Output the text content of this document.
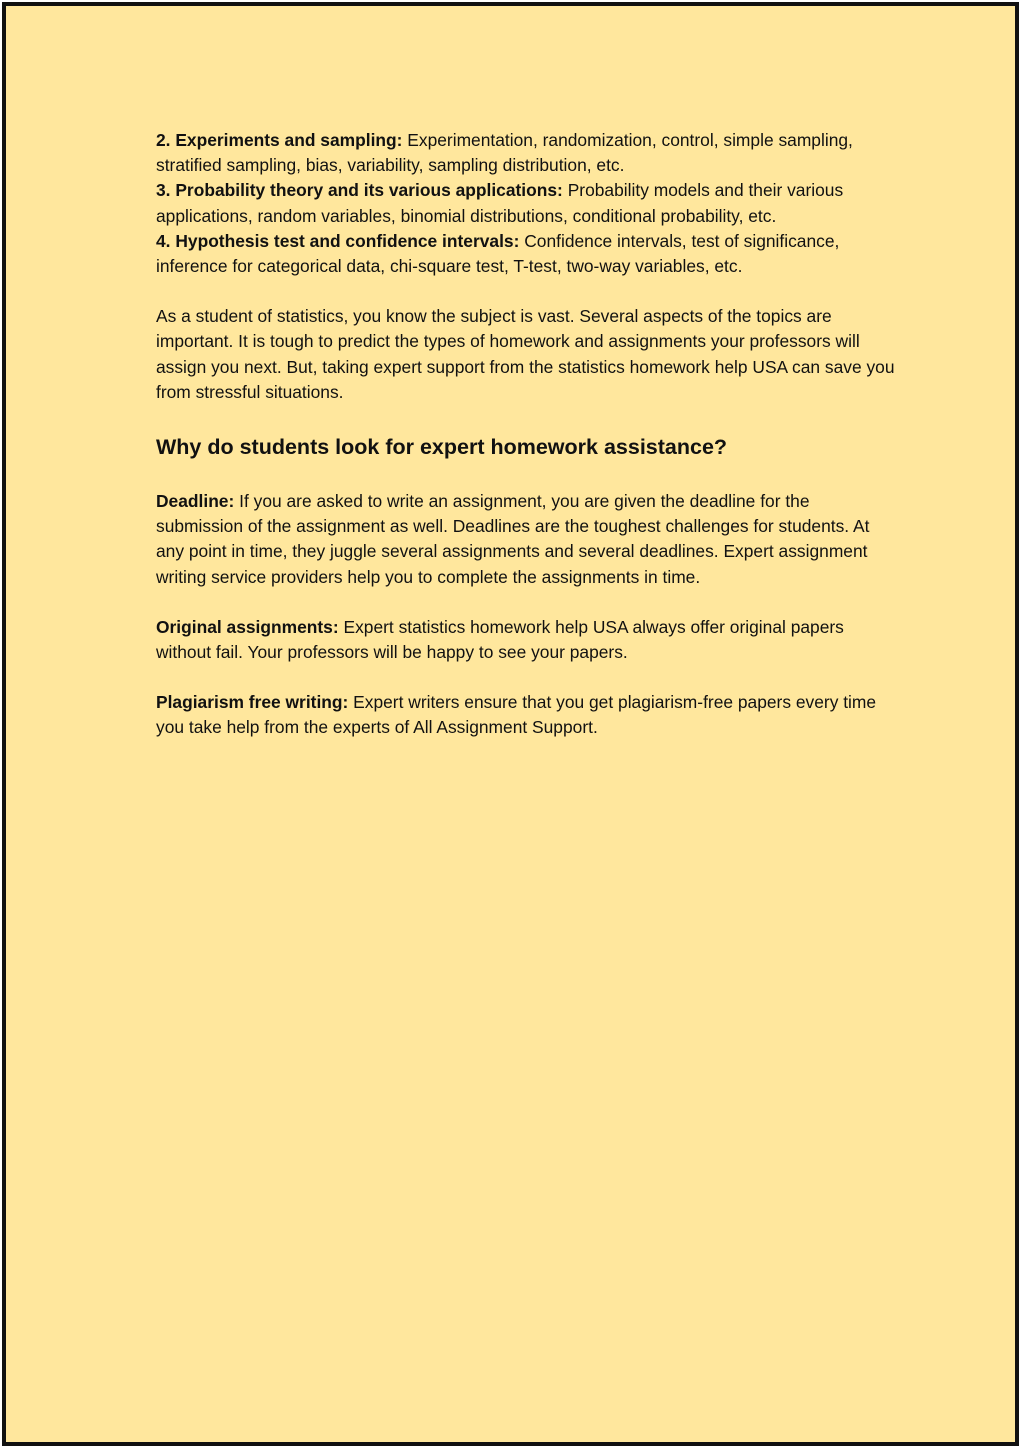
2. Experiments and sampling: Experimentation, randomization, control, simple sampling, stratified sampling, bias, variability, sampling distribution, etc.

3. Probability theory and its various applications: Probability models and their various applications, random variables, binomial distributions, conditional probability, etc.

4. Hypothesis test and confidence intervals: Confidence intervals, test of significance, inference for categorical data, chi-square test, T-test, two-way variables, etc.

As a student of statistics, you know the subject is vast. Several aspects of the topics are important. It is tough to predict the types of homework and assignments your professors will assign you next. But, taking expert support from the statistics homework help USA can save you from stressful situations.

Why do students look for expert homework assistance?

Deadline: If you are asked to write an assignment, you are given the deadline for the submission of the assignment as well. Deadlines are the toughest challenges for students. At any point in time, they juggle several assignments and several deadlines. Expert assignment writing service providers help you to complete the assignments in time.

Original assignments: Expert statistics homework help USA always offer original papers without fail. Your professors will be happy to see your papers.

Plagiarism free writing: Expert writers ensure that you get plagiarism-free papers every time you take help from the experts of All Assignment Support.
